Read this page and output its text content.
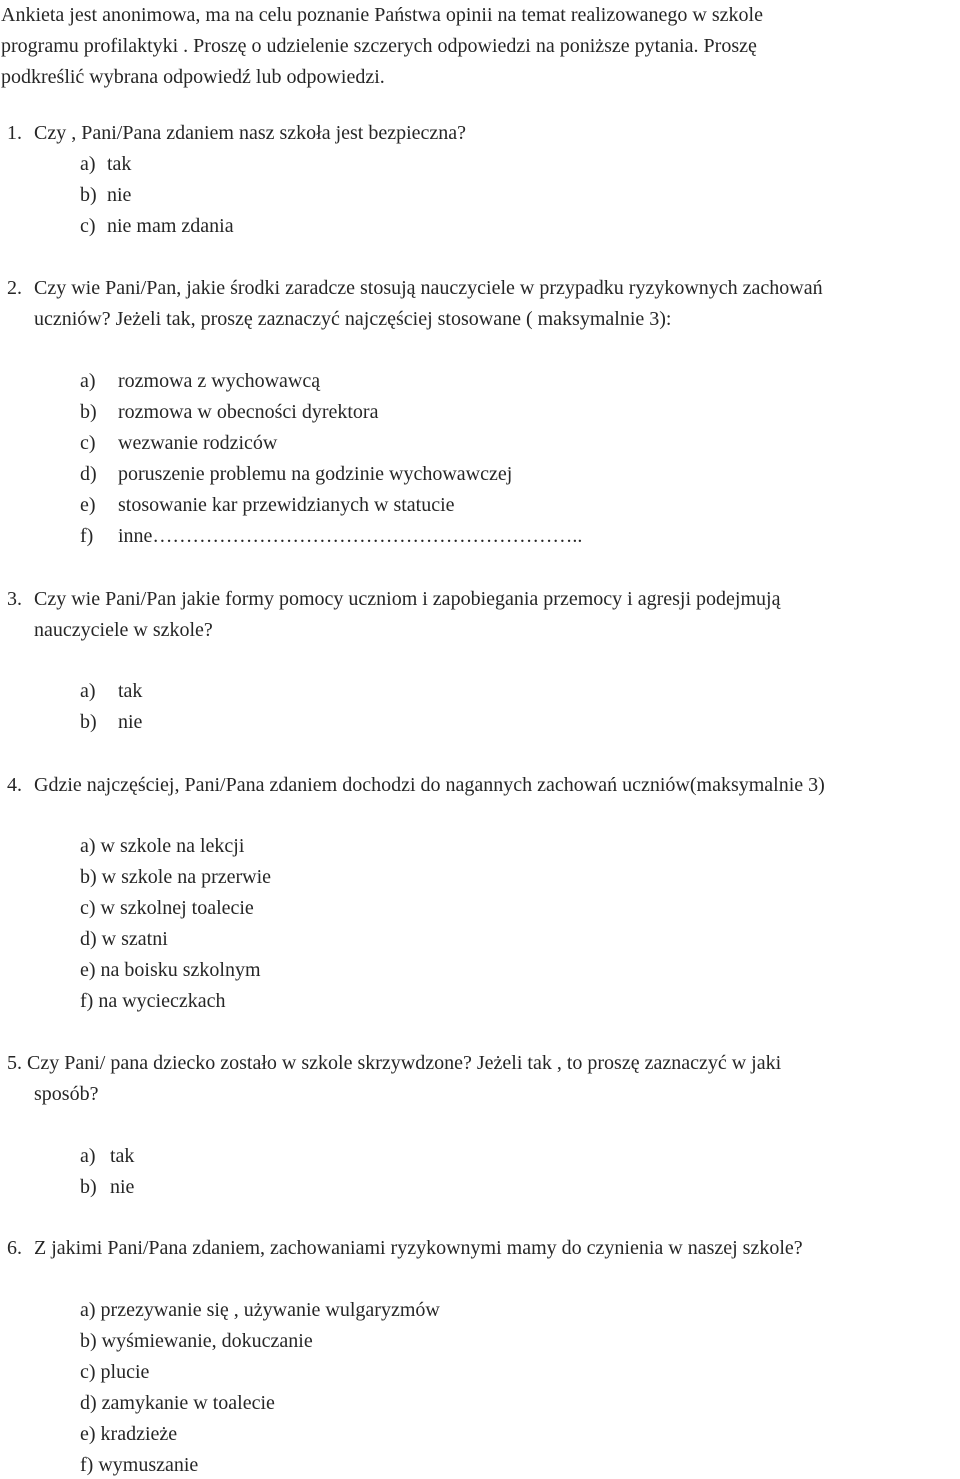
Ankieta jest anonimowa, ma na celu poznanie Państwa opinii na temat realizowanego w szkole
programu profilaktyki . Proszę o udzielenie szczerych odpowiedzi na poniższe pytania. Proszę
podkreślić wybrana odpowiedź lub odpowiedzi.
1. Czy , Pani/Pana zdaniem nasz szkoła jest bezpieczna?
a) tak
b) nie
c) nie mam zdania
2. Czy wie Pani/Pan, jakie środki zaradcze stosują nauczyciele w przypadku ryzykownych zachowań
uczniów? Jeżeli tak, proszę zaznaczyć najczęściej stosowane ( maksymalnie 3):
a) rozmowa z wychowawcą
b) rozmowa w obecności dyrektora
c) wezwanie rodziców
d) poruszenie problemu na godzinie wychowawczej
e) stosowanie kar przewidzianych w statucie
f) inne………………………………………………………..
3. Czy wie Pani/Pan jakie formy pomocy uczniom i zapobiegania przemocy i agresji podejmują
nauczyciele w szkole?
a) tak
b) nie
4. Gdzie najczęściej, Pani/Pana zdaniem dochodzi do nagannych zachowań uczniów(maksymalnie 3)
a) w szkole na lekcji
b) w szkole na przerwie
c) w szkolnej toalecie
d) w szatni
e) na boisku szkolnym
f) na wycieczkach
5. Czy Pani/ pana dziecko zostało w szkole skrzywdzone? Jeżeli tak , to proszę zaznaczyć w jaki
sposób?
a) tak
b) nie
6. Z jakimi Pani/Pana zdaniem, zachowaniami ryzykownymi mamy do czynienia w naszej szkole?
a) przezywanie się , używanie wulgaryzmów
b) wyśmiewanie, dokuczanie
c) plucie
d) zamykanie w toalecie
e) kradzieże
f) wymuszanie
